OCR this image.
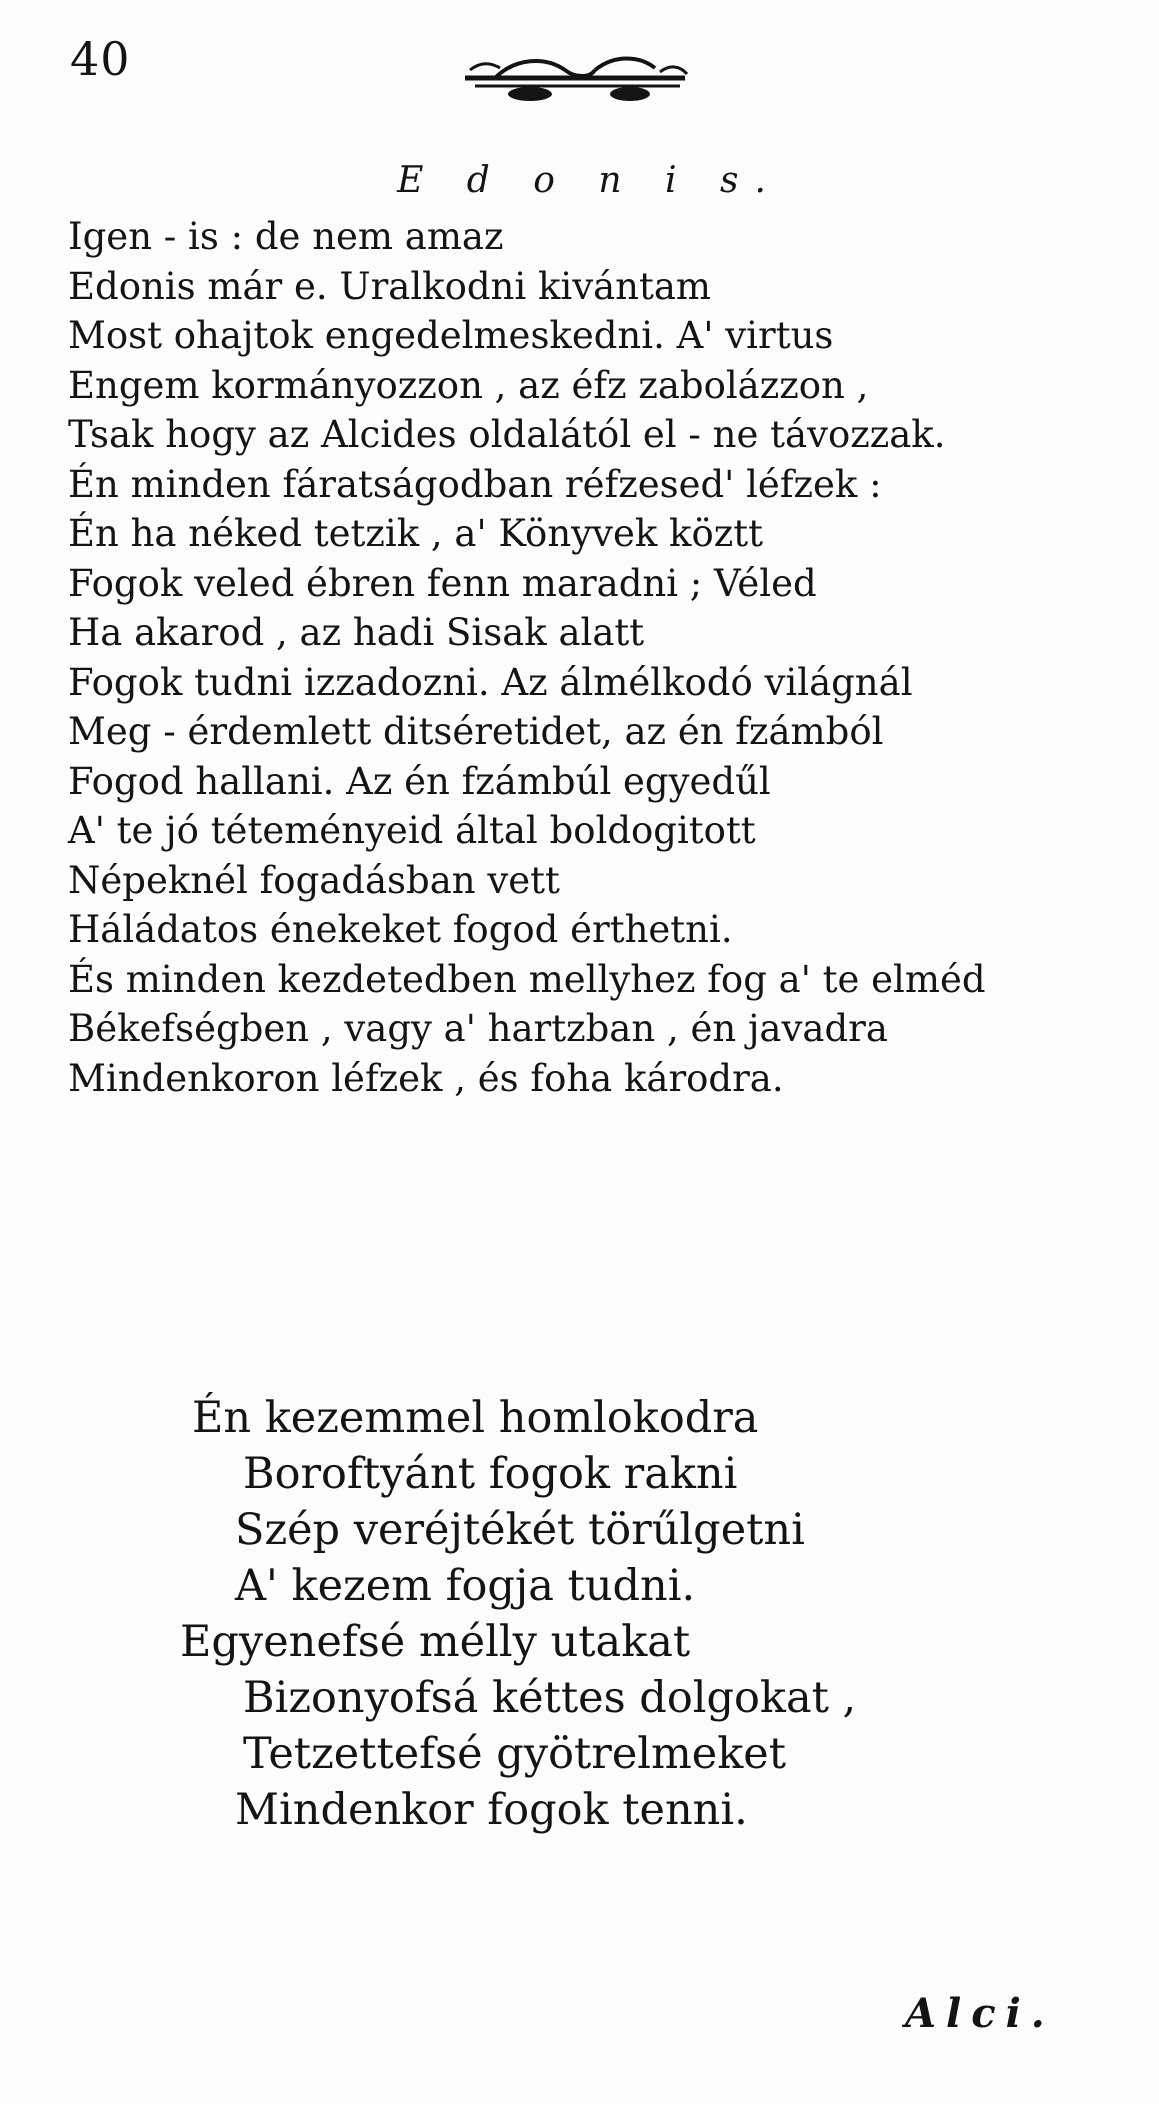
40
E d o n i s.
Igen - is : de nem amaz
Edonis már e. Uralkodni kivántam
Most ohajtok engedelmeskedni. A' virtus
Engem kormányozzon , az éfz zabolázzon ,
Tsak hogy az Alcides oldalától el - ne távozzak.
Én minden fáratságodban réfzesed' léfzek :
Én ha néked tetzik , a' Könyvek köztt
Fogok veled ébren fenn maradni ; Véled
Ha akarod , az hadi Sisak alatt
Fogok tudni izzadozni. Az álmélkodó világnál
Meg - érdemlett ditséretidet, az én fzámból
Fogod hallani. Az én fzámbúl egyedűl
A' te jó téteményeid által boldogitott
Népeknél fogadásban vett
Háládatos énekeket fogod érthetni.
És minden kezdetedben mellyhez fog a' te elméd
Békefségben , vagy a' hartzban , én javadra
Mindenkoron léfzek , és foha károdra.
Én kezemmel homlokodra
Boroftyánt fogok rakni
Szép veréjtékét törűlgetni
A' kezem fogja tudni.
Egyenefsé mélly utakat
Bizonyofsá kéttes dolgokat ,
Tetzettefsé gyötrelmeket
Mindenkor fogok tenni.
Alci.
